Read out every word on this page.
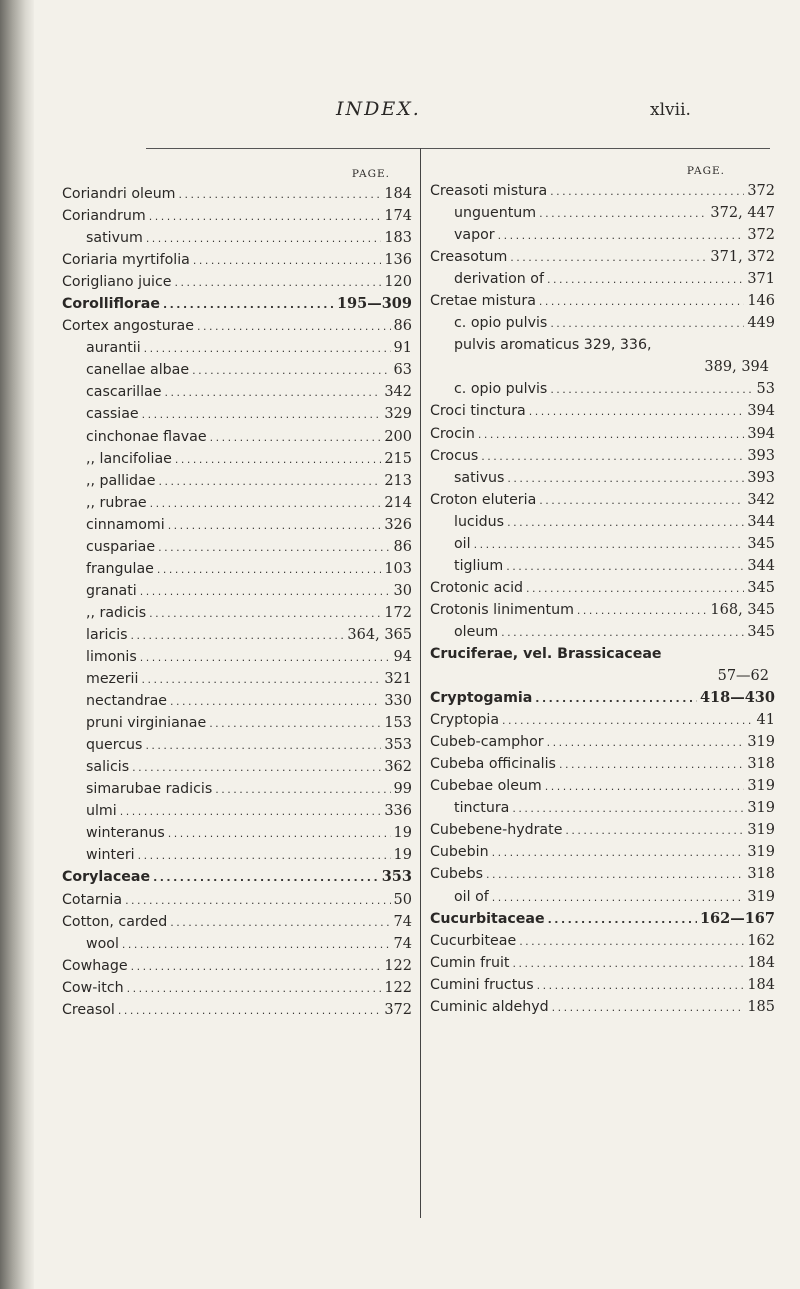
INDEX.	xlvii.
PAGE.
Coriandri oleum .....	184
Coriandrum .....	174
sativum .....	183
Coriaria myrtifolia .....	136
Corigliano juice .....	120
Corolliflorae .....	195—309
Cortex angosturae .....	86
aurantii .....	91
canellae albae .....	63
cascarillae .....	342
cassiae .....	329
cinchonae flavae .....	200
,, lancifoliae .....	215
,, pallidae .....	213
,, rubrae .....	214
cinnamomi .....	326
cuspariae .....	86
frangulae .....	103
granati .....	30
,, radicis .....	172
laricis .....	364, 365
limonis .....	94
mezerii .....	321
nectandrae .....	330
pruni virginianae .....	153
quercus .....	353
salicis .....	362
simarubae radicis .....	99
ulmi .....	336
winteranus .....	19
winteri .....	19
Corylaceae .....	353
Cotarnia .....	50
Cotton, carded .....	74
wool .....	74
Cowhage .....	122
Cow-itch .....	122
Creasol .....	372
PAGE.
Creasoti mistura .....	372
unguentum .....	372, 447
vapor .....	372
Creasotum .....	371, 372
derivation of .....	371
Cretae mistura .....	146
c. opio pulvis .....	449
pulvis aromaticus 329, 336,
389, 394
c. opio pulvis .....	53
Croci tinctura .....	394
Crocin .....	394
Crocus .....	393
sativus .....	393
Croton eluteria .....	342
lucidus .....	344
oil .....	345
tiglium .....	344
Crotonic acid .....	345
Crotonis linimentum .....	168, 345
oleum .....	345
Cruciferae, vel. Brassicaceae
57—62
Cryptogamia .....	418—430
Cryptopia .....	41
Cubeb-camphor .....	319
Cubeba officinalis .....	318
Cubebae oleum .....	319
tinctura .....	319
Cubebene-hydrate .....	319
Cubebin .....	319
Cubebs .....	318
oil of .....	319
Cucurbitaceae .....	162—167
Cucurbiteae .....	162
Cumin fruit .....	184
Cumini fructus .....	184
Cuminic aldehyd .....	185
